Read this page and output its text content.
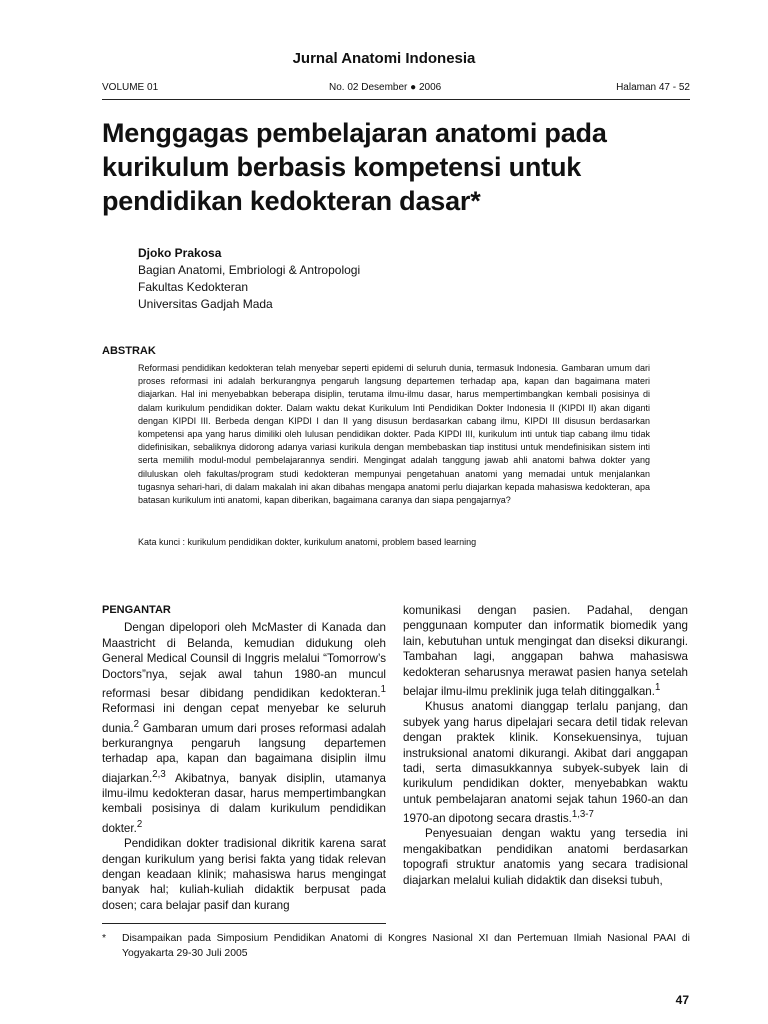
Jurnal Anatomi Indonesia
VOLUME 01	No. 02 Desember ● 2006	Halaman 47 - 52
Menggagas pembelajaran anatomi pada kurikulum berbasis kompetensi untuk pendidikan kedokteran dasar*
Djoko Prakosa
Bagian Anatomi, Embriologi & Antropologi
Fakultas Kedokteran
Universitas Gadjah Mada
ABSTRAK

Reformasi pendidikan kedokteran telah menyebar seperti epidemi di seluruh dunia, termasuk Indonesia. Gambaran umum dari proses reformasi ini adalah berkurangnya pengaruh langsung departemen terhadap apa, kapan dan bagaimana materi diajarkan. Hal ini menyebabkan beberapa disiplin, terutama ilmu-ilmu dasar, harus mempertimbangkan kembali posisinya di dalam kurikulum pendidikan dokter. Dalam waktu dekat Kurikulum Inti Pendidikan Dokter Indonesia II (KIPDI II) akan diganti dengan KIPDI III. Berbeda dengan KIPDI I dan II yang disusun berdasarkan cabang ilmu, KIPDI III disusun berdasarkan kompetensi apa yang harus dimiliki oleh lulusan pendidikan dokter. Pada KIPDI III, kurikulum inti untuk tiap cabang ilmu tidak didefinisikan, sebaliknya didorong adanya variasi kurikula dengan membebaskan tiap institusi untuk mendefinisikan sistem inti serta memilih modul-modul pembelajarannya sendiri. Mengingat adalah tanggung jawab ahli anatomi bahwa dokter yang diluluskan oleh fakultas/program studi kedokteran mempunyai pengetahuan anatomi yang memadai untuk menjalankan tugasnya sehari-hari, di dalam makalah ini akan dibahas mengapa anatomi perlu diajarkan kepada mahasiswa kedokteran, apa batasan kurikulum inti anatomi, kapan diberikan, bagaimana caranya dan siapa pengajarnya?

Kata kunci : kurikulum pendidikan dokter, kurikulum anatomi, problem based learning

PENGANTAR

Dengan dipelopori oleh McMaster di Kanada dan Maastricht di Belanda, kemudian didukung oleh General Medical Counsil di Inggris melalui “Tomorrow’s Doctors”nya, sejak awal tahun 1980-an muncul reformasi besar dibidang pendidikan kedokteran.$^1$ Reformasi ini dengan cepat menyebar ke seluruh dunia.$^2$ Gambaran umum dari proses reformasi adalah berkurangnya pengaruh langsung departemen terhadap apa, kapan dan bagaimana disiplin ilmu diajarkan.$^{2,3}$ Akibatnya, banyak disiplin, utamanya ilmu-ilmu kedokteran dasar, harus mempertimbangkan kembali posisinya di dalam kurikulum pendidikan dokter.$^2$

Pendidikan dokter tradisional dikritik karena sarat dengan kurikulum yang berisi fakta yang tidak relevan dengan keadaan klinik; mahasiswa harus mengingat banyak hal; kuliah-kuliah didaktik berpusat pada dosen; cara belajar pasif dan kurang

komunikasi dengan pasien. Padahal, dengan penggunaan komputer dan informatik biomedik yang lain, kebutuhan untuk mengingat dan diseksi dikurangi. Tambahan lagi, anggapan bahwa mahasiswa kedokteran seharusnya merawat pasien hanya setelah belajar ilmu-ilmu preklinik juga telah ditinggalkan.$^1$

Khusus anatomi dianggap terlalu panjang, dan subyek yang harus dipelajari secara detil tidak relevan dengan praktek klinik. Konsekuensinya, tujuan instruksional anatomi dikurangi. Akibat dari anggapan tadi, serta dimasukkannya subyek-subyek lain di kurikulum pendidikan dokter, menyebabkan waktu untuk pembelajaran anatomi sejak tahun 1960-an dan 1970-an dipotong secara drastis.$^{1,3-7}$

Penyesuaian dengan waktu yang tersedia ini mengakibatkan pendidikan anatomi berdasarkan topografi struktur anatomis yang secara tradisional diajarkan melalui kuliah didaktik dan diseksi tubuh,

* Disampaikan pada Simposium Pendidikan Anatomi di Kongres Nasional XI dan Pertemuan Ilmiah Nasional PAAI di Yogyakarta 29-30 Juli 2005
47
